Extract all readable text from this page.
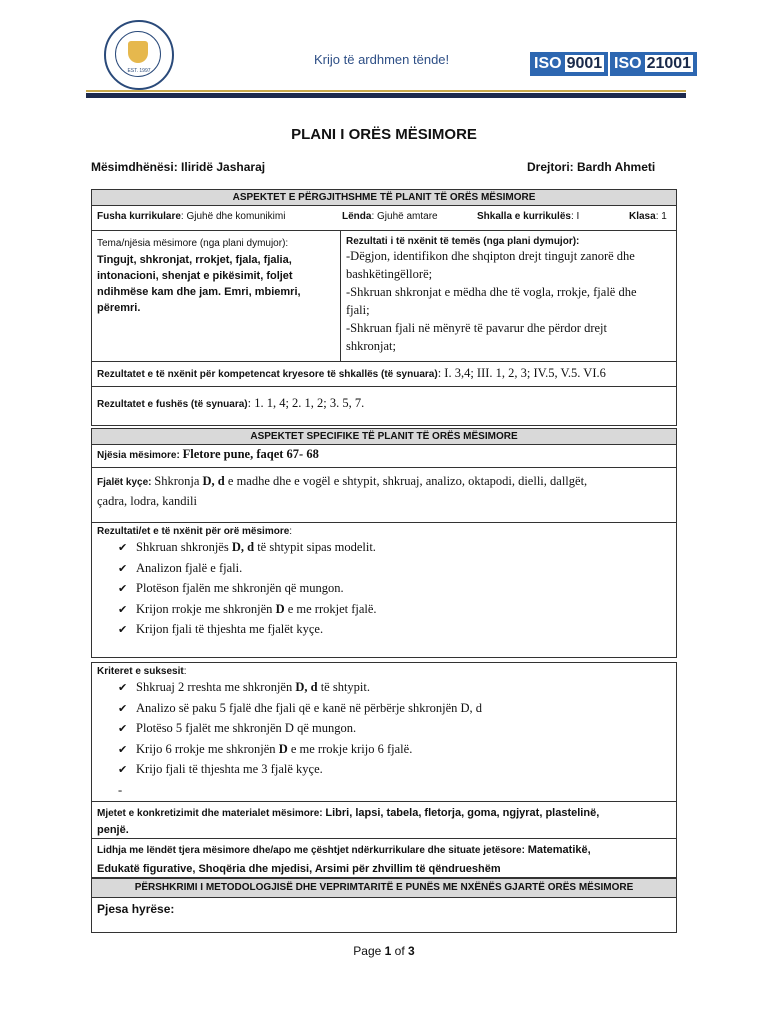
EST. 1997
Krijo të ardhmen tënde!	ISO 9001 ISO 21001
PLANI I ORËS MËSIMORE
Mësimdhënësi: Iliridë Jasharaj	Drejtori: Bardh Ahmeti
ASPEKTET E PËRGJITHSHME TË PLANIT TË ORËS MËSIMORE
Fusha kurrikulare: Gjuhë dhe komunikimi	Lënda: Gjuhë amtare	Shkalla e kurrikulës: I	Klasa: 1
Tema/njësia mësimore (nga plani dymujor):
Tingujt, shkronjat, rrokjet, fjala, fjalia,
intonacioni, shenjat e pikësimit, foljet
ndihmëse kam dhe jam. Emri, mbiemri,
përemri.
Rezultati i të nxënit të temës (nga plani dymujor):
-Dëgjon, identifikon dhe shqipton drejt tingujt zanorë dhe
bashkëtingëllorë;
-Shkruan shkronjat e mëdha dhe të vogla, rrokje, fjalë dhe
fjali;
-Shkruan fjali në mënyrë të pavarur dhe përdor drejt
shkronjat;
Rezultatet e të nxënit për kompetencat kryesore të shkallës (të synuara): I. 3,4; III. 1, 2, 3; IV.5, V.5. VI.6
Rezultatet e fushës (të synuara): 1. 1, 4; 2. 1, 2; 3. 5, 7.
ASPEKTET SPECIFIKE TË PLANIT TË ORËS MËSIMORE
Njësia mësimore: Fletore pune, faqet 67- 68
Fjalët kyçe: Shkronja D, d e madhe dhe e vogël e shtypit, shkruaj, analizo, oktapodi, dielli, dallgët,
çadra, lodra, kandili
Rezultati/et e të nxënit për orë mësimore:
✔ Shkruan shkronjës D, d të shtypit sipas modelit.
✔ Analizon fjalë e fjali.
✔ Plotëson fjalën me shkronjën që mungon.
✔ Krijon rrokje me shkronjën D e me rrokjet fjalë.
✔ Krijon fjali të thjeshta me fjalët kyçe.
Kriteret e suksesit:
✔ Shkruaj 2 rreshta me shkronjën D, d të shtypit.
✔ Analizo së paku 5 fjalë dhe fjali që e kanë në përbërje shkronjën D, d
✔ Plotëso 5 fjalët me shkronjën D që mungon.
✔ Krijo 6 rrokje me shkronjën D e me rrokje krijo 6 fjalë.
✔ Krijo fjali të thjeshta me 3 fjalë kyçe.
-
Mjetet e konkretizimit dhe materialet mësimore: Libri, lapsi, tabela, fletorja, goma, ngjyrat, plastelinë,
penjë.
Lidhja me lëndët tjera mësimore dhe/apo me çështjet ndërkurrikulare dhe situate jetësore: Matematikë,
Edukatë figurative, Shoqëria dhe mjedisi, Arsimi për zhvillim të qëndrueshëm
PËRSHKRIMI I METODOLOGJISË DHE VEPRIMTARITË E PUNËS ME NXËNËS GJARTË ORËS MËSIMORE
Pjesa hyrëse:
Page 1 of 3
